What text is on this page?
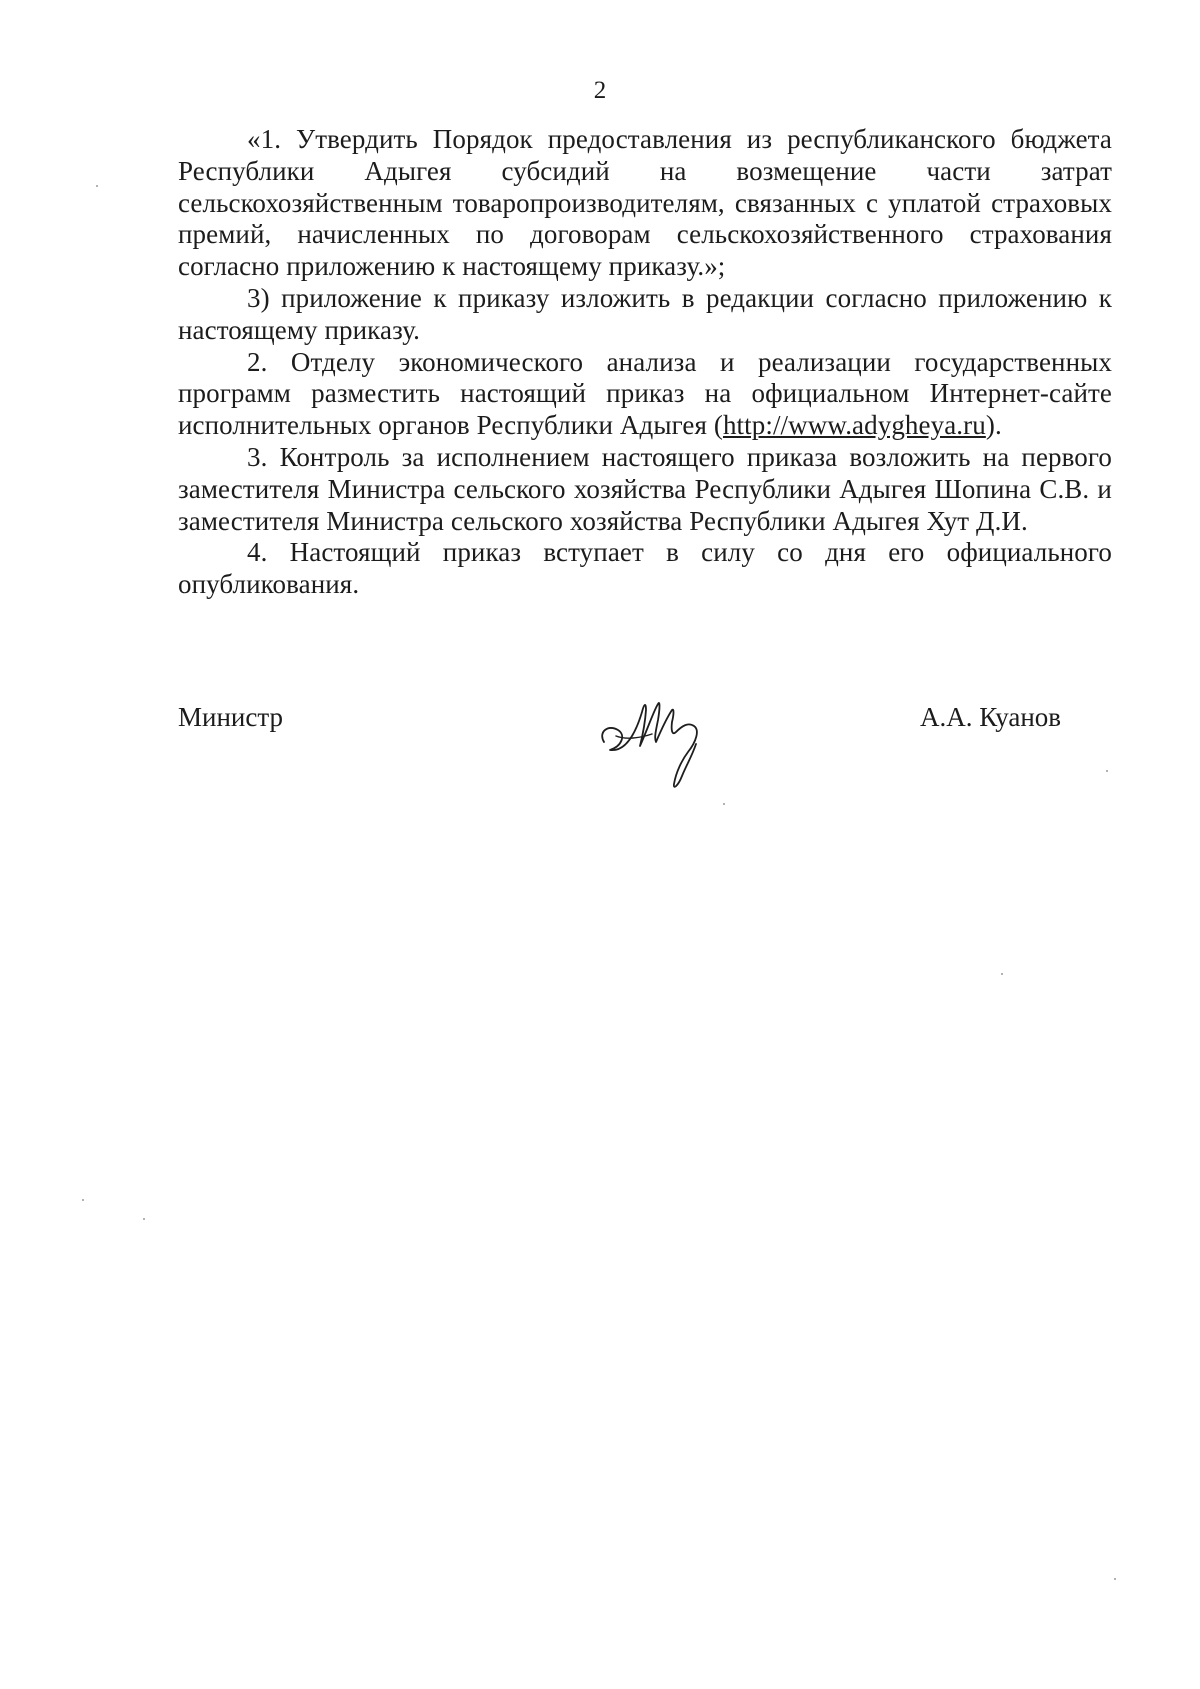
2

«1. Утвердить Порядок предоставления из республиканского бюджета Республики Адыгея субсидий на возмещение части затрат сельскохозяйственным товаропроизводителям, связанных с уплатой страховых премий, начисленных по договорам сельскохозяйственного страхования согласно приложению к настоящему приказу.»;

3) приложение к приказу изложить в редакции согласно приложению к настоящему приказу.

2. Отделу экономического анализа и реализации государственных программ разместить настоящий приказ на официальном Интернет-сайте исполнительных органов Республики Адыгея (http://www.adygheya.ru).

3. Контроль за исполнением настоящего приказа возложить на первого заместителя Министра сельского хозяйства Республики Адыгея Шопина С.В. и заместителя Министра сельского хозяйства Республики Адыгея Хут Д.И.

4. Настоящий приказ вступает в силу со дня его официального опубликования.

Министр	А.А. Куанов
